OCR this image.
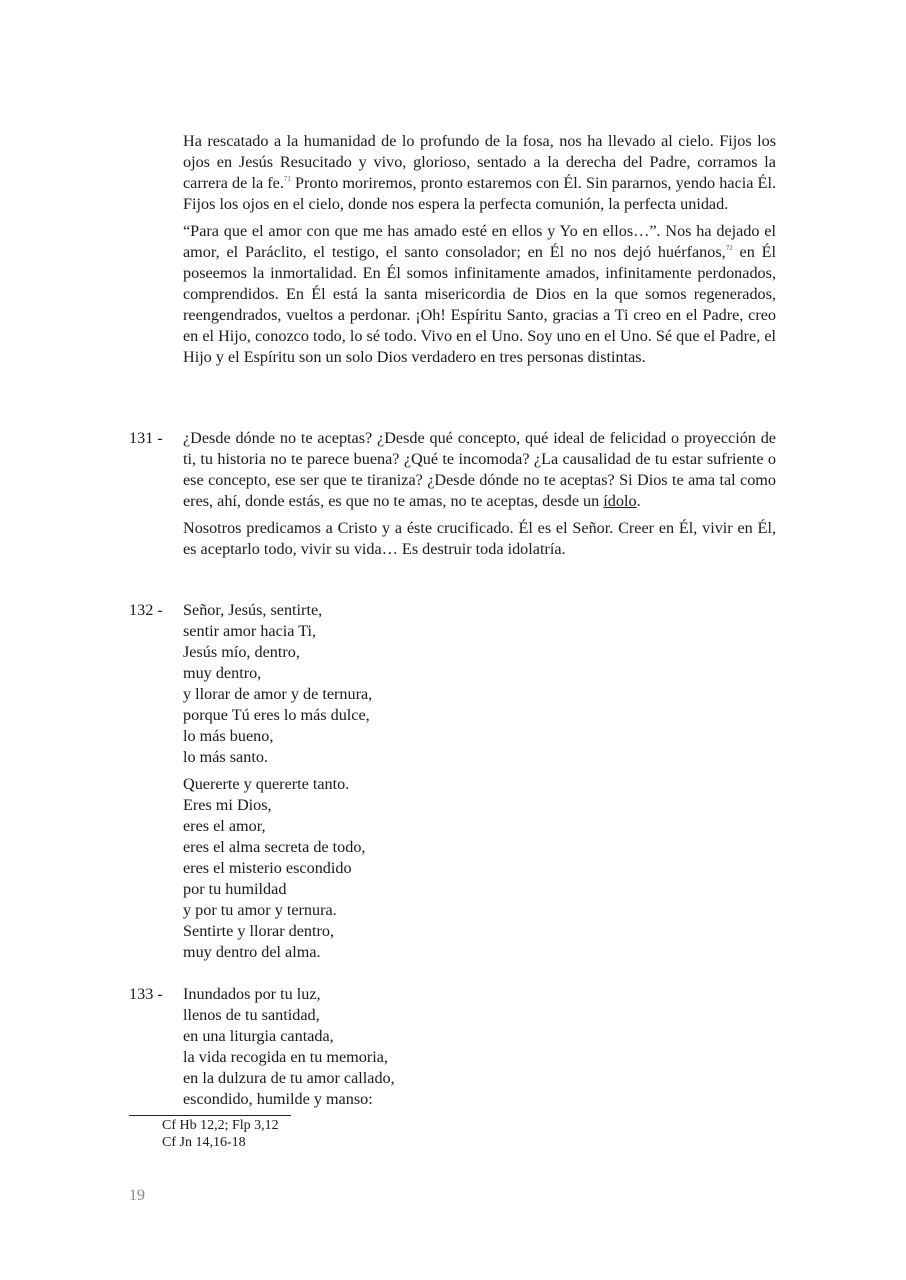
Ha rescatado a la humanidad de lo profundo de la fosa, nos ha llevado al cielo. Fijos los ojos en Jesús Resucitado y vivo, glorioso, sentado a la derecha del Padre, corramos la carrera de la fe.$^{71}$ Pronto moriremos, pronto estaremos con Él. Sin pararnos, yendo hacia Él. Fijos los ojos en el cielo, donde nos espera la perfecta comunión, la perfecta unidad.

“Para que el amor con que me has amado esté en ellos y Yo en ellos…”. Nos ha dejado el amor, el Paráclito, el testigo, el santo consolador; en Él no nos dejó huérfanos,$^{72}$ en Él poseemos la inmortalidad. En Él somos infinitamente amados, infinitamente perdonados, comprendidos. En Él está la santa misericordia de Dios en la que somos regenerados, reengendrados, vueltos a perdonar. ¡Oh! Espíritu Santo, gracias a Ti creo en el Padre, creo en el Hijo, conozco todo, lo sé todo. Vivo en el Uno. Soy uno en el Uno. Sé que el Padre, el Hijo y el Espíritu son un solo Dios verdadero en tres personas distintas.

131 - ¿Desde dónde no te aceptas? ¿Desde qué concepto, qué ideal de felicidad o proyección de ti, tu historia no te parece buena? ¿Qué te incomoda? ¿La causalidad de tu estar sufriente o ese concepto, ese ser que te tiraniza? ¿Desde dónde no te aceptas? Si Dios te ama tal como eres, ahí, donde estás, es que no te amas, no te aceptas, desde un ídolo.

Nosotros predicamos a Cristo y a éste crucificado. Él es el Señor. Creer en Él, vivir en Él, es aceptarlo todo, vivir su vida… Es destruir toda idolatría.

132 - Señor, Jesús, sentirte,
sentir amor hacia Ti,
Jesús mío, dentro,
muy dentro,
y llorar de amor y de ternura,
porque Tú eres lo más dulce,
lo más bueno,
lo más santo.
Quererte y quererte tanto.
Eres mi Dios,
eres el amor,
eres el alma secreta de todo,
eres el misterio escondido
por tu humildad
y por tu amor y ternura.
Sentirte y llorar dentro,
muy dentro del alma.
133 - Inundados por tu luz,
llenos de tu santidad,
en una liturgia cantada,
la vida recogida en tu memoria,
en la dulzura de tu amor callado,
escondido, humilde y manso:
Cf Hb 12,2; Flp 3,12
Cf Jn 14,16-18
19
